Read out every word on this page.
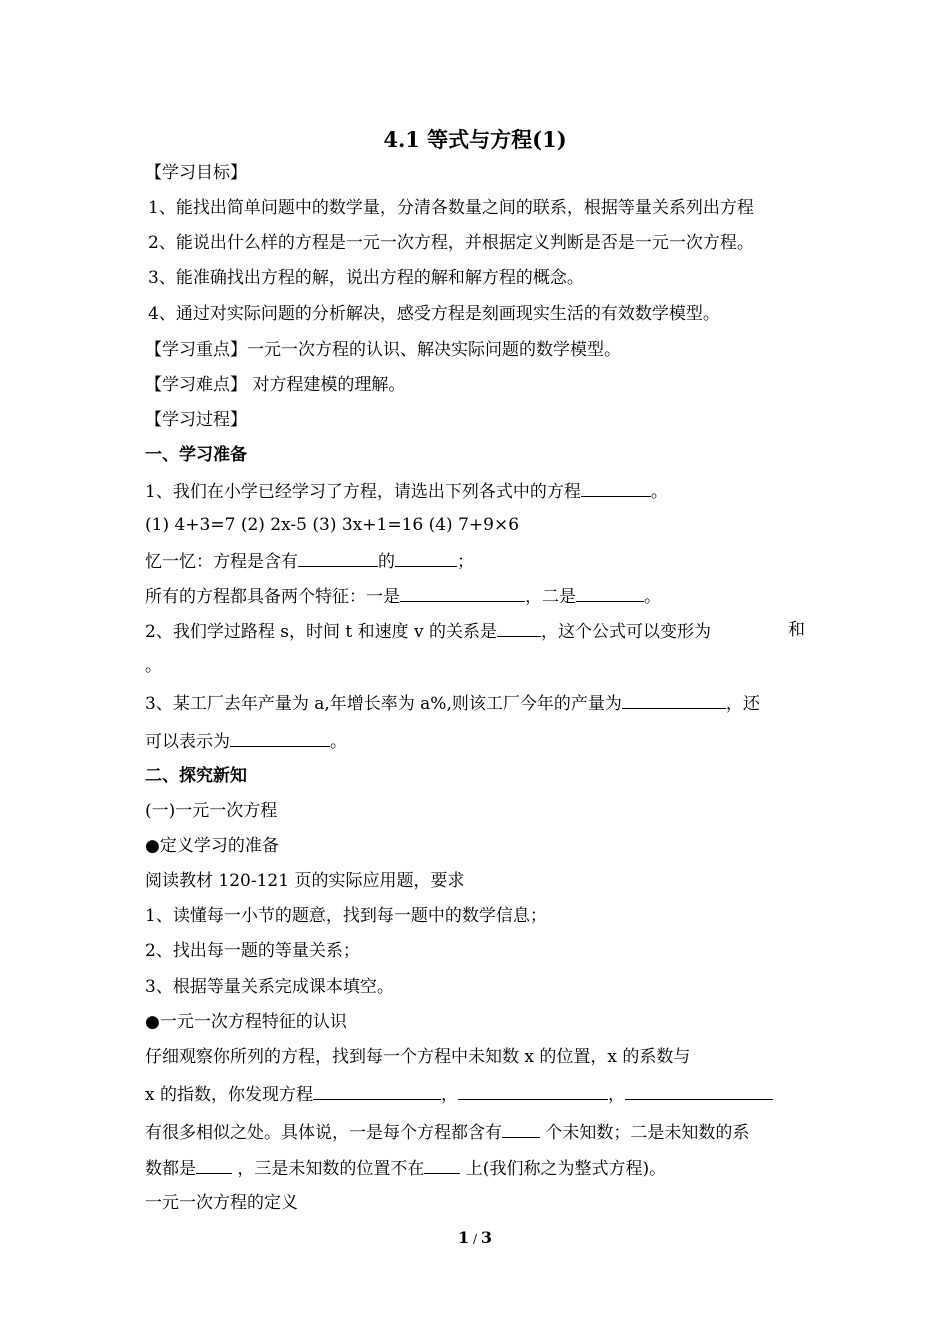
4.1 等式与方程(1)
【学习目标】
1、能找出简单问题中的数学量，分清各数量之间的联系，根据等量关系列出方程
2、能说出什么样的方程是一元一次方程，并根据定义判断是否是一元一次方程。
3、能准确找出方程的解，说出方程的解和解方程的概念。
4、通过对实际问题的分析解决，感受方程是刻画现实生活的有效数学模型。
【学习重点】一元一次方程的认识、解决实际问题的数学模型。
【学习难点】 对方程建模的理解。
【学习过程】
一、学习准备
1、我们在小学已经学习了方程，请选出下列各式中的方程	。
(1) 4+3=7 (2) 2x-5 (3) 3x+1=16 (4) 7+9×6
忆一忆：方程是含有	的	；
所有的方程都具备两个特征：一是	，二是	。
2、我们学过路程 s，时间 t 和速度 v 的关系是	，这个公式可以变形为	和
。
3、某工厂去年产量为 a,年增长率为 a%,则该工厂今年的产量为	，还
可以表示为	。
二、探究新知
(一)一元一次方程
●定义学习的准备
阅读教材 120-121 页的实际应用题，要求
1、读懂每一小节的题意，找到每一题中的数学信息；
2、找出每一题的等量关系；
3、根据等量关系完成课本填空。
●一元一次方程特征的认识
仔细观察你所列的方程，找到每一个方程中未知数 x 的位置，x 的系数与
x 的指数，你发现方程	，	，
有很多相似之处。具体说，一是每个方程都含有 个未知数；二是未知数的系
数都是 ，三是未知数的位置不在 上(我们称之为整式方程)。
一元一次方程的定义
1 / 3
